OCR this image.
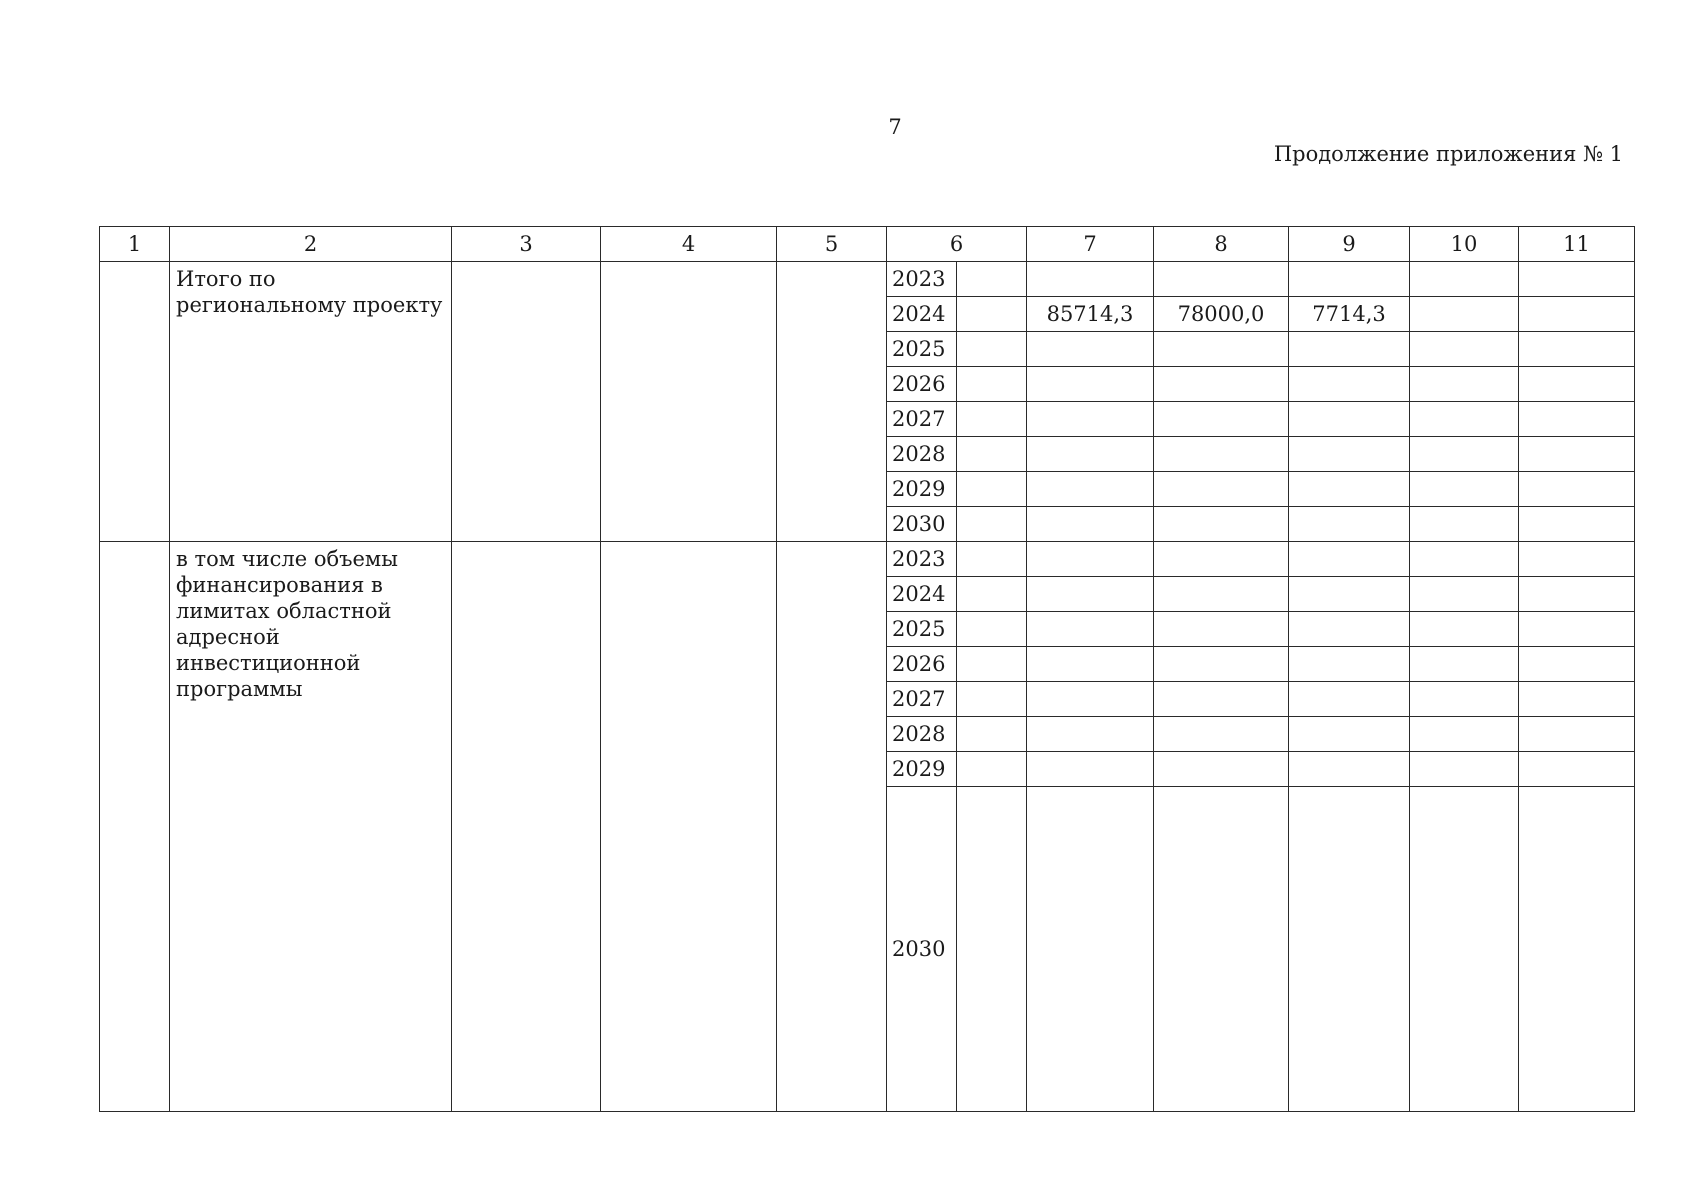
7
Продолжение приложения № 1
1	2	3	4	5	6		7	8	9	10	11
	Итого по региональному проекту				2023						
					2024		85714,3	78000,0	7714,3		
					2025						
					2026						
					2027						
					2028						
					2029						
					2030						
	в том числе объемы финансирования в лимитах областной адресной инвестиционной программы				2023						
					2024						
					2025						
					2026						
					2027						
					2028						
					2029						
					2030						
